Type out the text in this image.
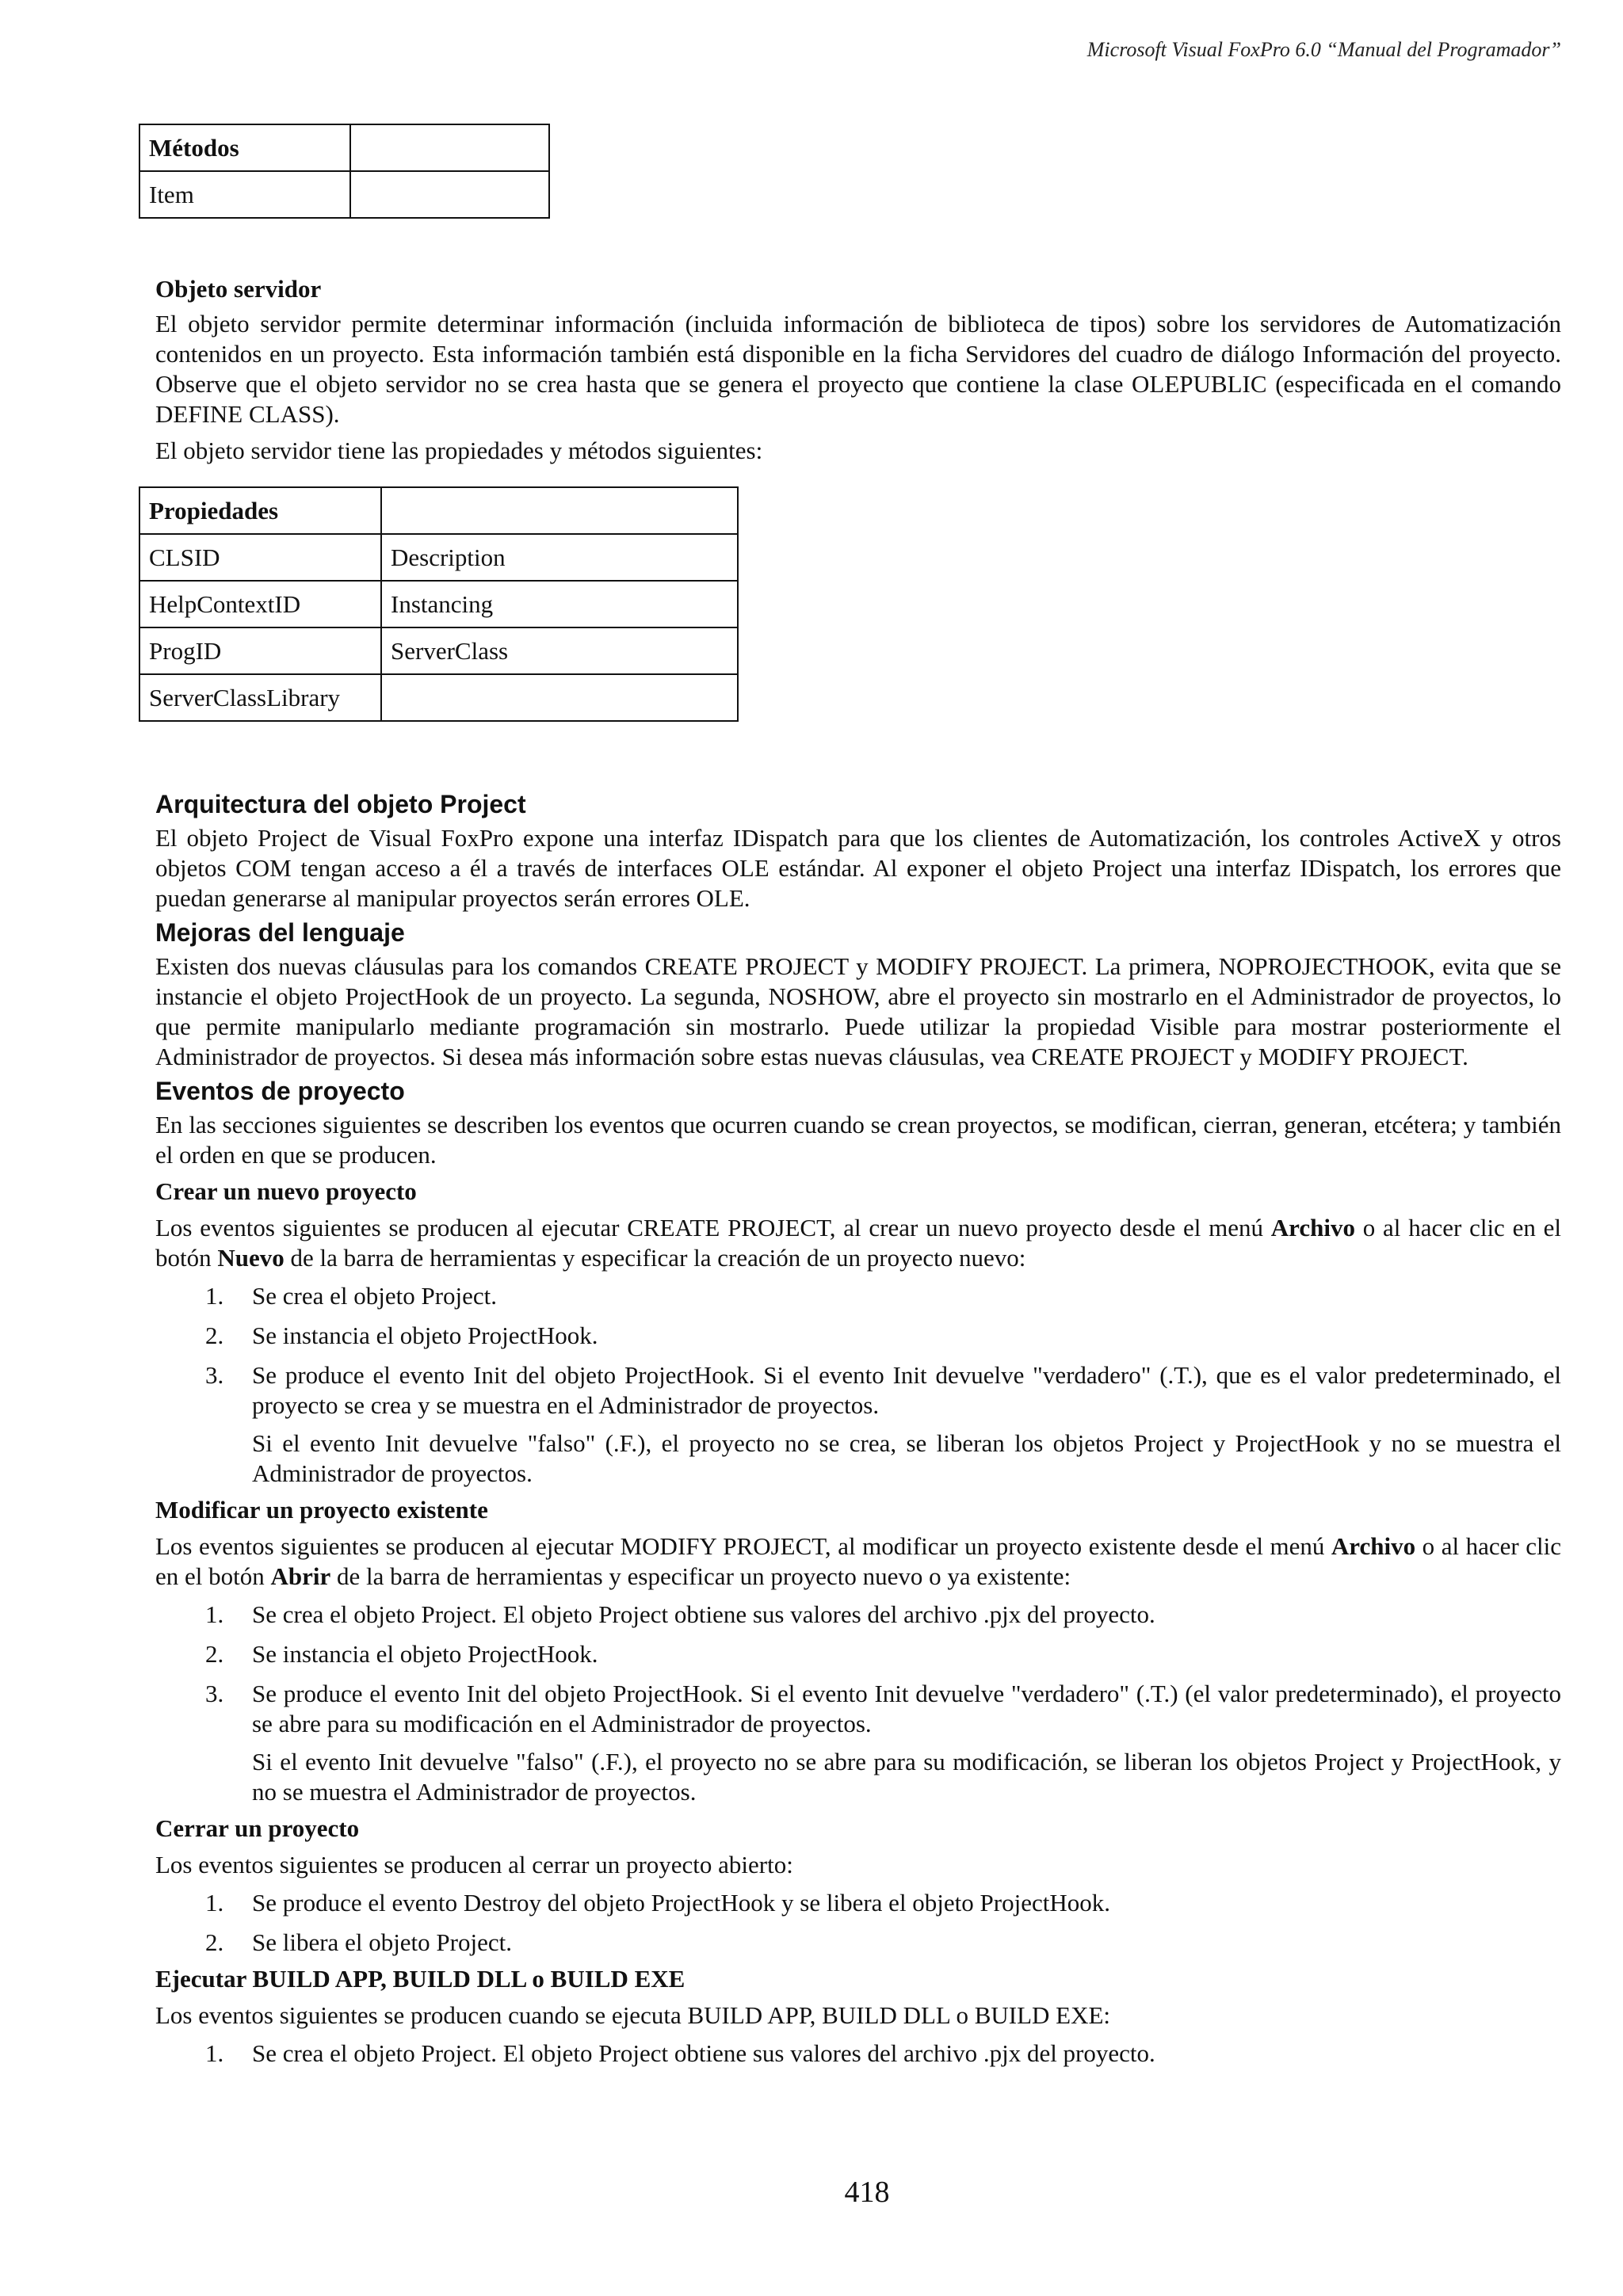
Microsoft Visual FoxPro 6.0 “Manual del Programador”
Métodos	
Item	
Objeto servidor

El objeto servidor permite determinar información (incluida información de biblioteca de tipos) sobre los servidores de Automatización contenidos en un proyecto. Esta información también está disponible en la ficha Servidores del cuadro de diálogo Información del proyecto. Observe que el objeto servidor no se crea hasta que se genera el proyecto que contiene la clase OLEPUBLIC (especificada en el comando DEFINE CLASS).

El objeto servidor tiene las propiedades y métodos siguientes:

Propiedades	
CLSID	Description
HelpContextID	Instancing
ProgID	ServerClass
ServerClassLibrary	
Arquitectura del objeto Project

El objeto Project de Visual FoxPro expone una interfaz IDispatch para que los clientes de Automatización, los controles ActiveX y otros objetos COM tengan acceso a él a través de interfaces OLE estándar. Al exponer el objeto Project una interfaz IDispatch, los errores que puedan generarse al manipular proyectos serán errores OLE.

Mejoras del lenguaje

Existen dos nuevas cláusulas para los comandos CREATE PROJECT y MODIFY PROJECT. La primera, NOPROJECTHOOK, evita que se instancie el objeto ProjectHook de un proyecto. La segunda, NOSHOW, abre el proyecto sin mostrarlo en el Administrador de proyectos, lo que permite manipularlo mediante programación sin mostrarlo. Puede utilizar la propiedad Visible para mostrar posteriormente el Administrador de proyectos. Si desea más información sobre estas nuevas cláusulas, vea CREATE PROJECT y MODIFY PROJECT.

Eventos de proyecto

En las secciones siguientes se describen los eventos que ocurren cuando se crean proyectos, se modifican, cierran, generan, etcétera; y también el orden en que se producen.

Crear un nuevo proyecto

Los eventos siguientes se producen al ejecutar CREATE PROJECT, al crear un nuevo proyecto desde el menú Archivo o al hacer clic en el botón Nuevo de la barra de herramientas y especificar la creación de un proyecto nuevo:

1. Se crea el objeto Project.
2. Se instancia el objeto ProjectHook.
3. Se produce el evento Init del objeto ProjectHook. Si el evento Init devuelve "verdadero" (.T.), que es el valor predeterminado, el proyecto se crea y se muestra en el Administrador de proyectos.
Si el evento Init devuelve "falso" (.F.), el proyecto no se crea, se liberan los objetos Project y ProjectHook y no se muestra el Administrador de proyectos.
Modificar un proyecto existente

Los eventos siguientes se producen al ejecutar MODIFY PROJECT, al modificar un proyecto existente desde el menú Archivo o al hacer clic en el botón Abrir de la barra de herramientas y especificar un proyecto nuevo o ya existente:

1. Se crea el objeto Project. El objeto Project obtiene sus valores del archivo .pjx del proyecto.
2. Se instancia el objeto ProjectHook.
3. Se produce el evento Init del objeto ProjectHook. Si el evento Init devuelve "verdadero" (.T.) (el valor predeterminado), el proyecto se abre para su modificación en el Administrador de proyectos.
Si el evento Init devuelve "falso" (.F.), el proyecto no se abre para su modificación, se liberan los objetos Project y ProjectHook, y no se muestra el Administrador de proyectos.
Cerrar un proyecto

Los eventos siguientes se producen al cerrar un proyecto abierto:

1. Se produce el evento Destroy del objeto ProjectHook y se libera el objeto ProjectHook.
2. Se libera el objeto Project.
Ejecutar BUILD APP, BUILD DLL o BUILD EXE

Los eventos siguientes se producen cuando se ejecuta BUILD APP, BUILD DLL o BUILD EXE:

1. Se crea el objeto Project. El objeto Project obtiene sus valores del archivo .pjx del proyecto.
418
